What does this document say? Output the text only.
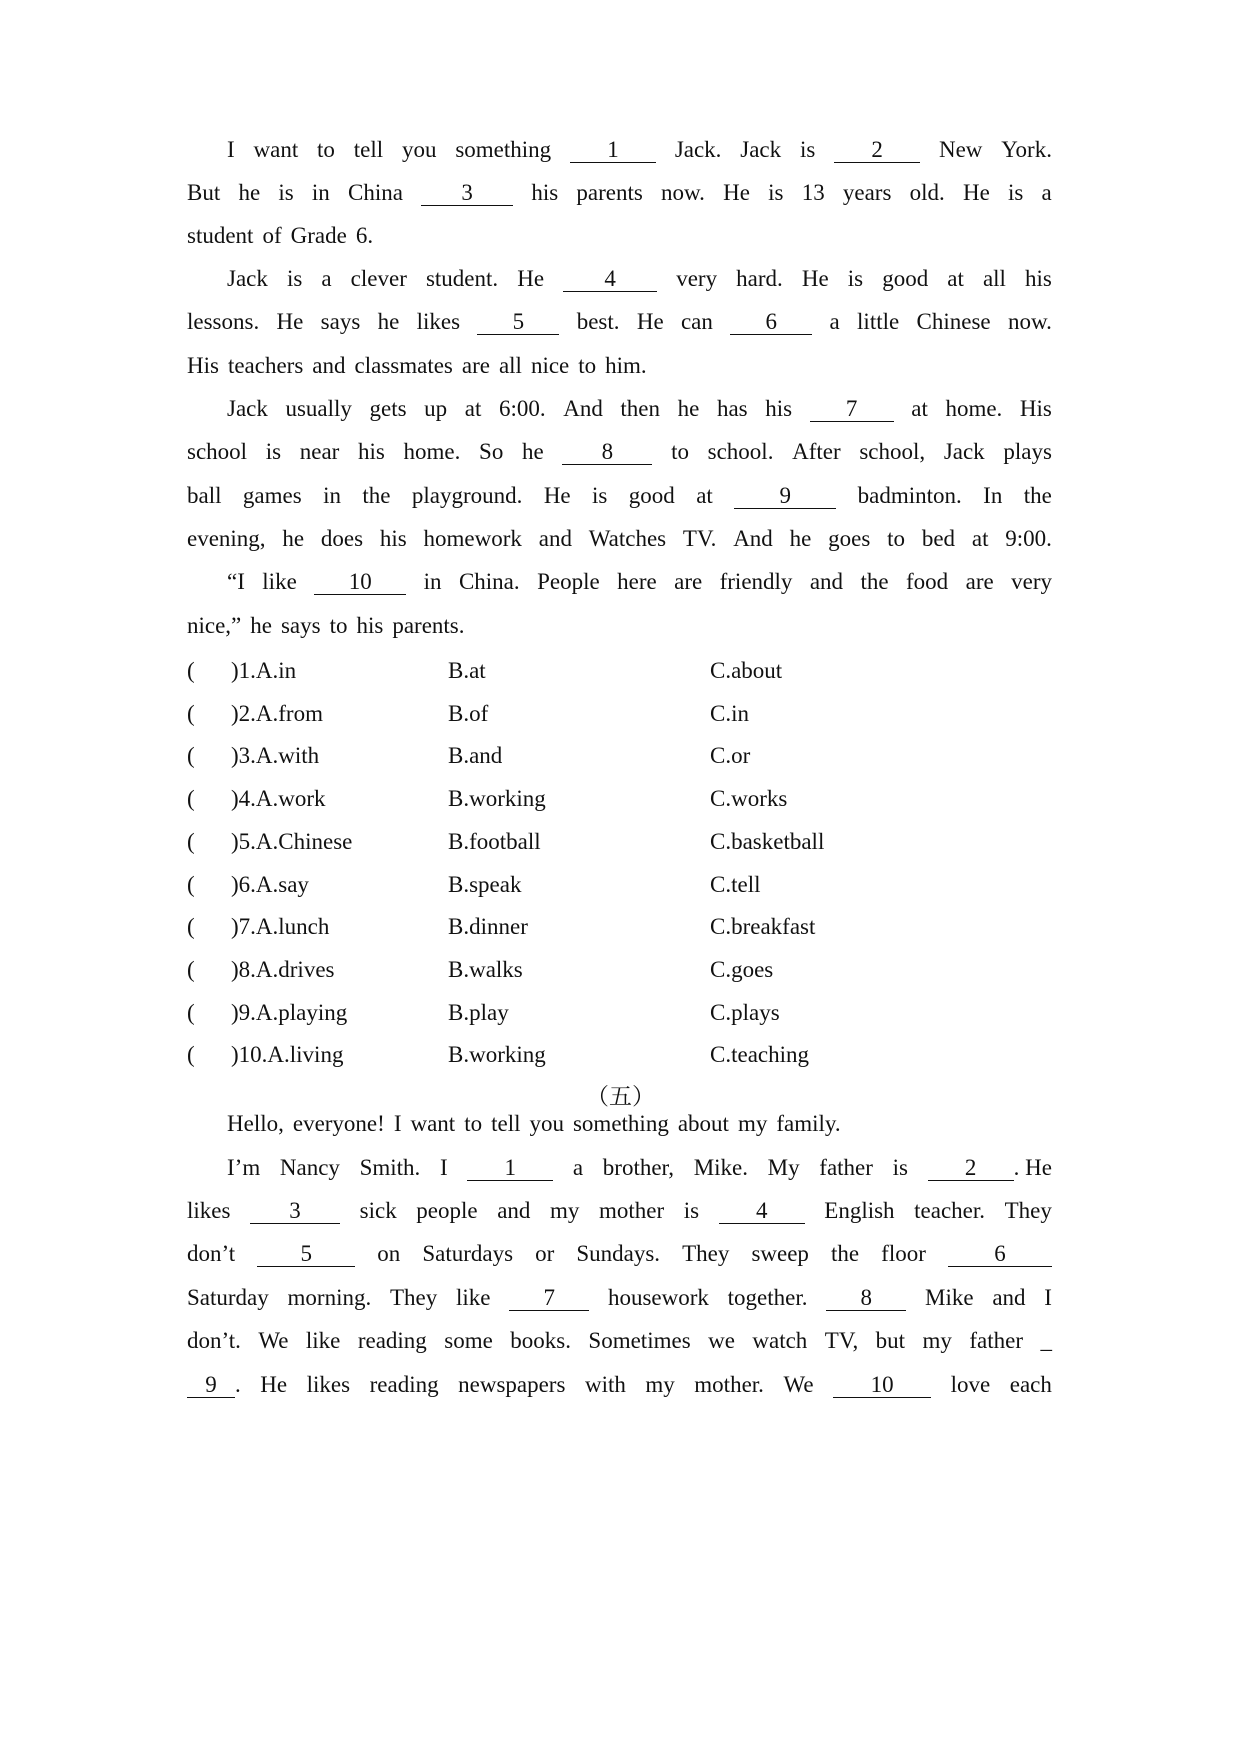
I want to tell you something	1	Jack. Jack is	2	New York.
But he is in China	3	his parents now. He is 13 years old. He is a
student of Grade 6.
Jack is a clever student. He	4	very hard. He is good at all his
lessons. He says he likes	5	best. He can	6	a little Chinese now.
His teachers and classmates are all nice to him.
Jack usually gets up at 6:00. And then he has his	7	at home. His
school is near his home. So he	8	to school. After school, Jack plays
ball games in the playground. He is good at	9	badminton. In the
evening, he does his homework and Watches TV. And he goes to bed at 9:00.
“I like	10	in China. People here are friendly and the food are very
nice,” he says to his parents.
( )1.A.in	B.at	C.about
( )2.A.from	B.of	C.in
( )3.A.with	B.and	C.or
( )4.A.work	B.working	C.works
( )5.A.Chinese	B.football	C.basketball
( )6.A.say	B.speak	C.tell
( )7.A.lunch	B.dinner	C.breakfast
( )8.A.drives	B.walks	C.goes
( )9.A.playing	B.play	C.plays
( )10.A.living	B.working	C.teaching
（五）
Hello, everyone! I want to tell you something about my family.
I’m Nancy Smith. I	1	a brother, Mike. My father is	2 . He
likes	3	sick people and my mother is	4	English teacher. They
don’t	5	on Saturdays or Sundays. They sweep the floor	6
Saturday morning. They like	7	housework together.	8	Mike and I
don’t. We like reading some books. Sometimes we watch TV, but my father _
9 . He likes reading newspapers with my mother. We	10	love each
